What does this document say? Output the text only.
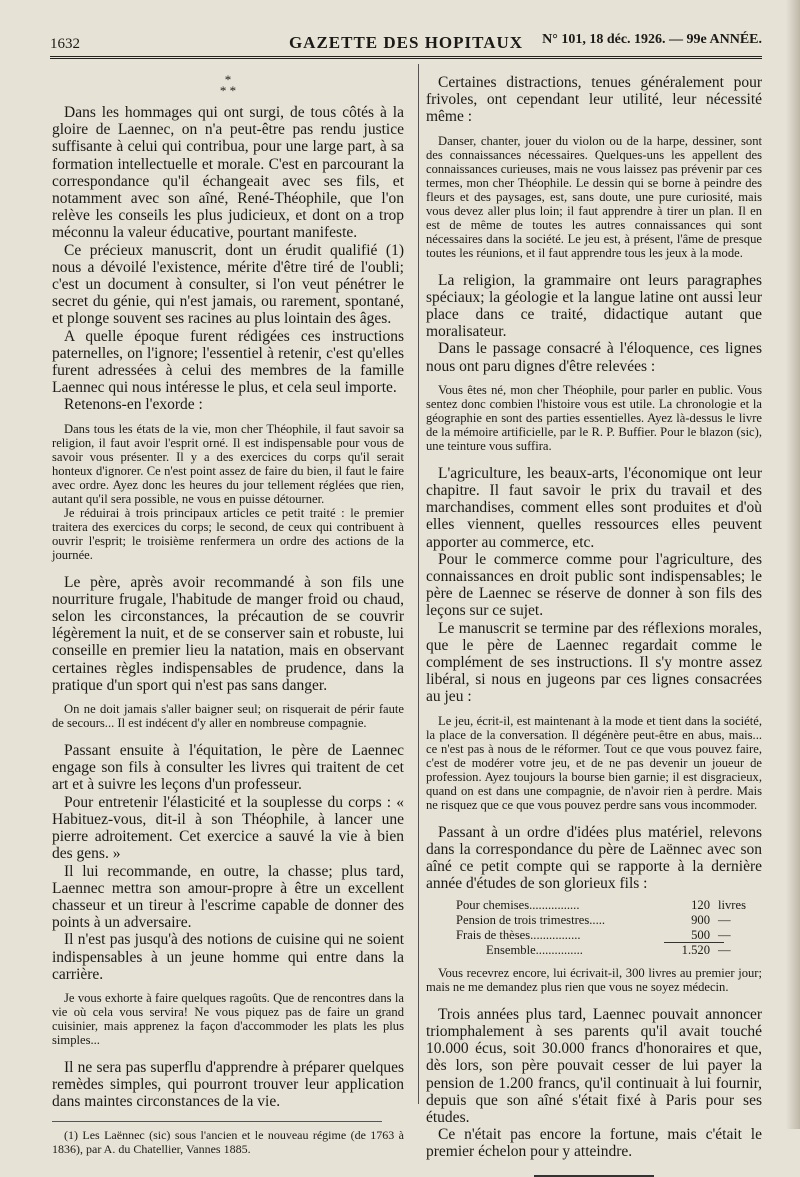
1632	GAZETTE DES HOPITAUX	N° 101, 18 déc. 1926. — 99e ANNÉE.
*
* *

Dans les hommages qui ont surgi, de tous côtés à la gloire de Laennec, on n'a peut-être pas rendu justice suffisante à celui qui contribua, pour une large part, à sa formation intellectuelle et morale. C'est en parcourant la correspondance qu'il échangeait avec ses fils, et notamment avec son aîné, René-Théophile, que l'on relève les conseils les plus judicieux, et dont on a trop méconnu la valeur éducative, pourtant manifeste.

Ce précieux manuscrit, dont un érudit qualifié (1) nous a dévoilé l'existence, mérite d'être tiré de l'oubli; c'est un document à consulter, si l'on veut pénétrer le secret du génie, qui n'est jamais, ou rarement, spontané, et plonge souvent ses racines au plus lointain des âges.

A quelle époque furent rédigées ces instructions paternelles, on l'ignore; l'essentiel à retenir, c'est qu'elles furent adressées à celui des membres de la famille Laennec qui nous intéresse le plus, et cela seul importe.

Retenons-en l'exorde :

Dans tous les états de la vie, mon cher Théophile, il faut savoir sa religion, il faut avoir l'esprit orné. Il est indispensable pour vous de savoir vous présenter. Il y a des exercices du corps qu'il serait honteux d'ignorer. Ce n'est point assez de faire du bien, il faut le faire avec ordre. Ayez donc les heures du jour tellement réglées que rien, autant qu'il sera possible, ne vous en puisse détourner.

Je réduirai à trois principaux articles ce petit traité : le premier traitera des exercices du corps; le second, de ceux qui contribuent à ouvrir l'esprit; le troisième renfermera un ordre des actions de la journée.

Le père, après avoir recommandé à son fils une nourriture frugale, l'habitude de manger froid ou chaud, selon les circonstances, la précaution de se couvrir légèrement la nuit, et de se conserver sain et robuste, lui conseille en premier lieu la natation, mais en observant certaines règles indispensables de prudence, dans la pratique d'un sport qui n'est pas sans danger.

On ne doit jamais s'aller baigner seul; on risquerait de périr faute de secours... Il est indécent d'y aller en nombreuse compagnie.

Passant ensuite à l'équitation, le père de Laennec engage son fils à consulter les livres qui traitent de cet art et à suivre les leçons d'un professeur.

Pour entretenir l'élasticité et la souplesse du corps : « Habituez-vous, dit-il à son Théophile, à lancer une pierre adroitement. Cet exercice a sauvé la vie à bien des gens. »

Il lui recommande, en outre, la chasse; plus tard, Laennec mettra son amour-propre à être un excellent chasseur et un tireur à l'escrime capable de donner des points à un adversaire.

Il n'est pas jusqu'à des notions de cuisine qui ne soient indispensables à un jeune homme qui entre dans la carrière.

Je vous exhorte à faire quelques ragoûts. Que de rencontres dans la vie où cela vous servira! Ne vous piquez pas de faire un grand cuisinier, mais apprenez la façon d'accommoder les plats les plus simples...

Il ne sera pas superflu d'apprendre à préparer quelques remèdes simples, qui pourront trouver leur application dans maintes circonstances de la vie.

(1) Les Laënnec (sic) sous l'ancien et le nouveau régime (de 1763 à 1836), par A. du Chatellier, Vannes 1885.

Certaines distractions, tenues généralement pour frivoles, ont cependant leur utilité, leur nécessité même :

Danser, chanter, jouer du violon ou de la harpe, dessiner, sont des connaissances nécessaires. Quelques-uns les appellent des connaissances curieuses, mais ne vous laissez pas prévenir par ces termes, mon cher Théophile. Le dessin qui se borne à peindre des fleurs et des paysages, est, sans doute, une pure curiosité, mais vous devez aller plus loin; il faut apprendre à tirer un plan. Il en est de même de toutes les autres connaissances qui sont nécessaires dans la société. Le jeu est, à présent, l'âme de presque toutes les réunions, et il faut apprendre tous les jeux à la mode.

La religion, la grammaire ont leurs paragraphes spéciaux; la géologie et la langue latine ont aussi leur place dans ce traité, didactique autant que moralisateur.

Dans le passage consacré à l'éloquence, ces lignes nous ont paru dignes d'être relevées :

Vous êtes né, mon cher Théophile, pour parler en public. Vous sentez donc combien l'histoire vous est utile. La chronologie et la géographie en sont des parties essentielles. Ayez là-dessus le livre de la mémoire artificielle, par le R. P. Buffier. Pour le blazon (sic), une teinture vous suffira.

L'agriculture, les beaux-arts, l'économique ont leur chapitre. Il faut savoir le prix du travail et des marchandises, comment elles sont produites et d'où elles viennent, quelles ressources elles peuvent apporter au commerce, etc.

Pour le commerce comme pour l'agriculture, des connaissances en droit public sont indispensables; le père de Laennec se réserve de donner à son fils des leçons sur ce sujet.

Le manuscrit se termine par des réflexions morales, que le père de Laennec regardait comme le complément de ses instructions. Il s'y montre assez libéral, si nous en jugeons par ces lignes consacrées au jeu :

Le jeu, écrit-il, est maintenant à la mode et tient dans la société, la place de la conversation. Il dégénère peut-être en abus, mais... ce n'est pas à nous de le réformer. Tout ce que vous pouvez faire, c'est de modérer votre jeu, et de ne pas devenir un joueur de profession. Ayez toujours la bourse bien garnie; il est disgracieux, quand on est dans une compagnie, de n'avoir rien à perdre. Mais ne risquez que ce que vous pouvez perdre sans vous incommoder.

Passant à un ordre d'idées plus matériel, relevons dans la correspondance du père de Laënnec avec son aîné ce petit compte qui se rapporte à la dernière année d'études de son glorieux fils :

Pour chemises................	120 livres
Pension de trois trimestres.....	900 —
Frais de thèses................	500 —
Ensemble...............	1.520 —

Vous recevrez encore, lui écrivait-il, 300 livres au premier jour; mais ne me demandez plus rien que vous ne soyez médecin.

Trois années plus tard, Laennec pouvait annoncer triomphalement à ses parents qu'il avait touché 10.000 écus, soit 30.000 francs d'honoraires et que, dès lors, son père pouvait cesser de lui payer la pension de 1.200 francs, qu'il continuait à lui fournir, depuis que son aîné s'était fixé à Paris pour ses études.

Ce n'était pas encore la fortune, mais c'était le premier échelon pour y atteindre.
